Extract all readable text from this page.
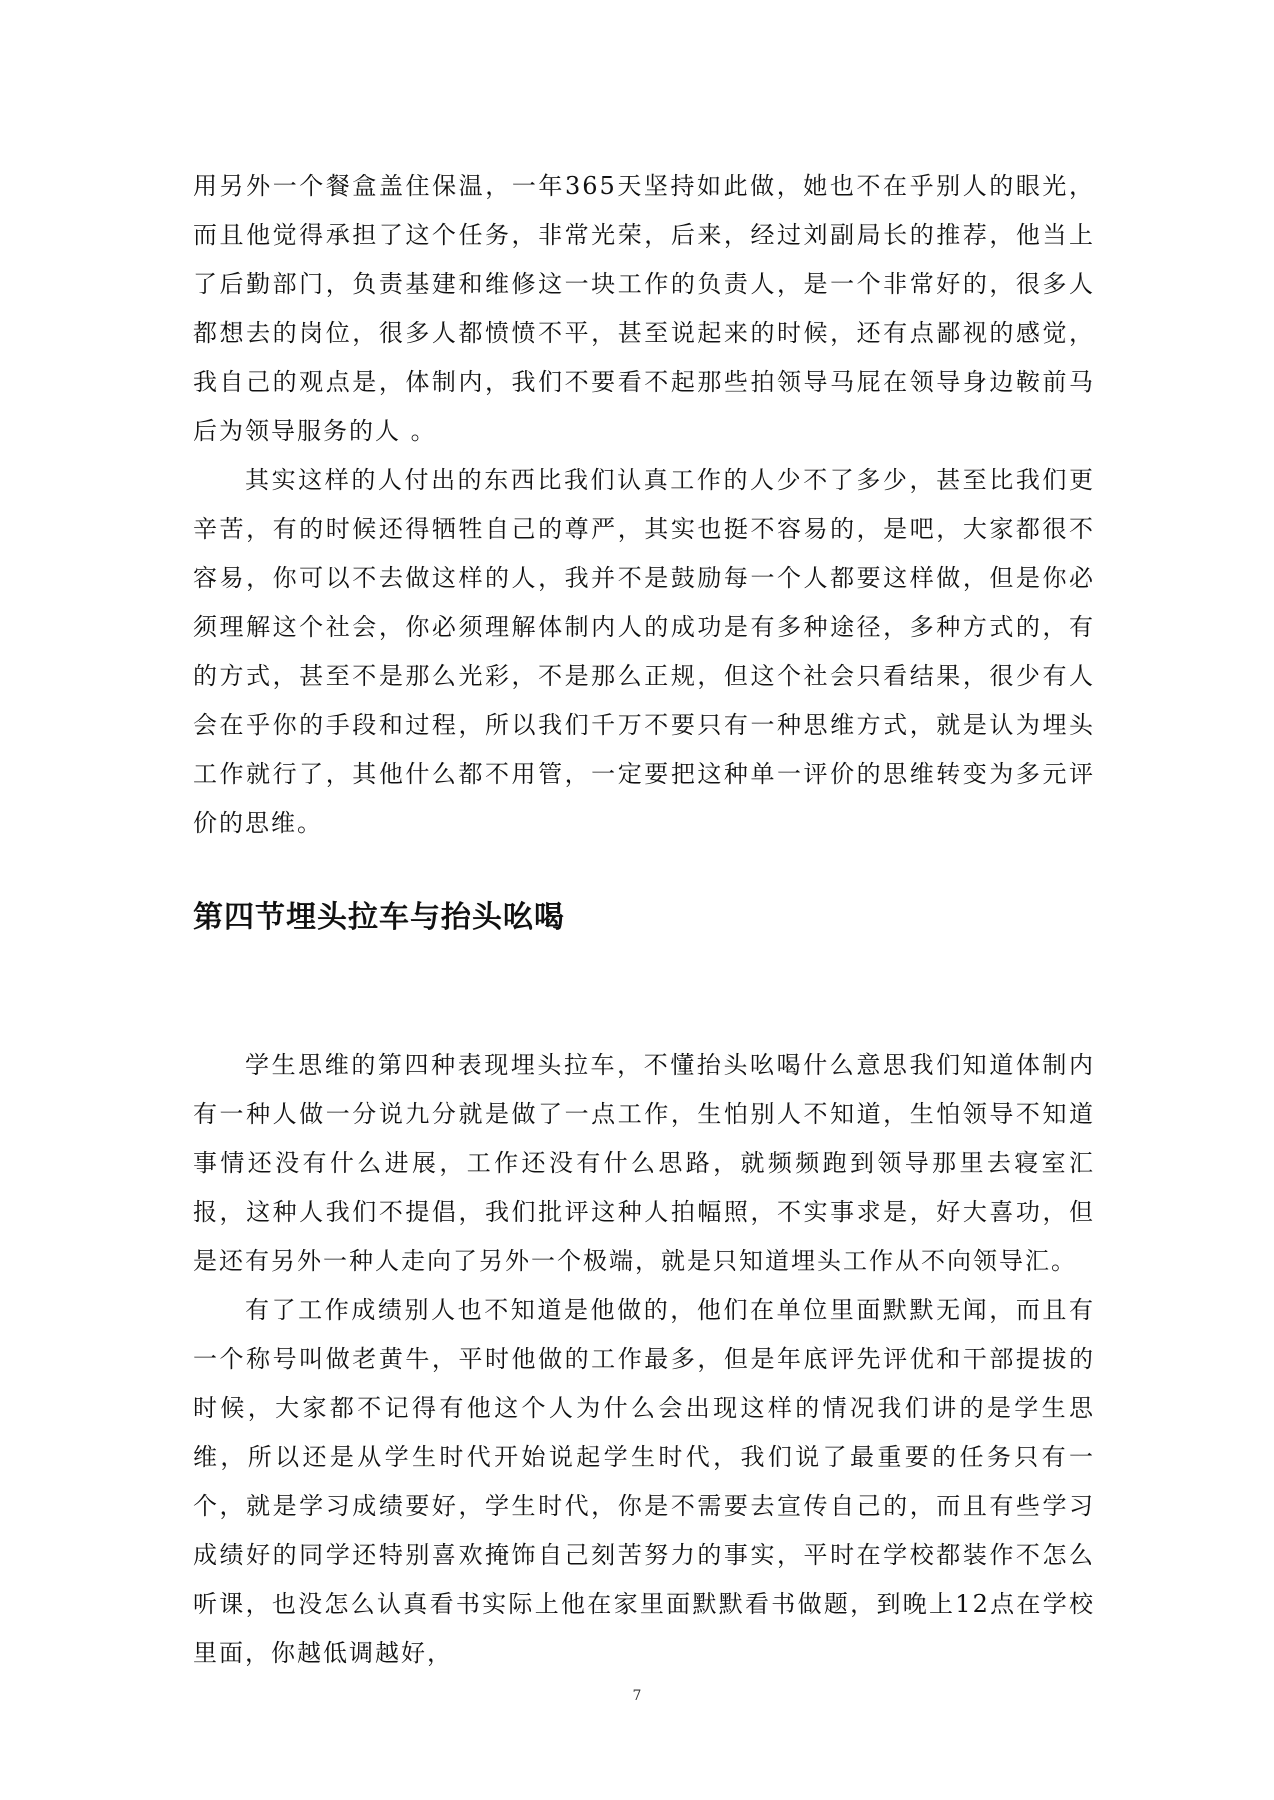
用另外一个餐盒盖住保温，一年365天坚持如此做，她也不在乎别人的眼光，而且他觉得承担了这个任务，非常光荣，后来，经过刘副局长的推荐，他当上了后勤部门，负责基建和维修这一块工作的负责人，是一个非常好的，很多人都想去的岗位，很多人都愤愤不平，甚至说起来的时候，还有点鄙视的感觉，我自己的观点是，体制内，我们不要看不起那些拍领导马屁在领导身边鞍前马后为领导服务的人 。

其实这样的人付出的东西比我们认真工作的人少不了多少，甚至比我们更辛苦，有的时候还得牺牲自己的尊严，其实也挺不容易的，是吧，大家都很不容易，你可以不去做这样的人，我并不是鼓励每一个人都要这样做，但是你必须理解这个社会，你必须理解体制内人的成功是有多种途径，多种方式的，有的方式，甚至不是那么光彩，不是那么正规，但这个社会只看结果，很少有人会在乎你的手段和过程，所以我们千万不要只有一种思维方式，就是认为埋头工作就行了，其他什么都不用管，一定要把这种单一评价的思维转变为多元评价的思维。

第四节埋头拉车与抬头吆喝

学生思维的第四种表现埋头拉车，不懂抬头吆喝什么意思我们知道体制内有一种人做一分说九分就是做了一点工作，生怕别人不知道，生怕领导不知道事情还没有什么进展，工作还没有什么思路，就频频跑到领导那里去寝室汇报，这种人我们不提倡，我们批评这种人拍幅照，不实事求是，好大喜功，但是还有另外一种人走向了另外一个极端，就是只知道埋头工作从不向领导汇。

有了工作成绩别人也不知道是他做的，他们在单位里面默默无闻，而且有一个称号叫做老黄牛，平时他做的工作最多，但是年底评先评优和干部提拔的时候，大家都不记得有他这个人为什么会出现这样的情况我们讲的是学生思维，所以还是从学生时代开始说起学生时代，我们说了最重要的任务只有一个，就是学习成绩要好，学生时代，你是不需要去宣传自己的，而且有些学习成绩好的同学还特别喜欢掩饰自己刻苦努力的事实，平时在学校都装作不怎么听课，也没怎么认真看书实际上他在家里面默默看书做题，到晚上12点在学校里面，你越低调越好，

7
